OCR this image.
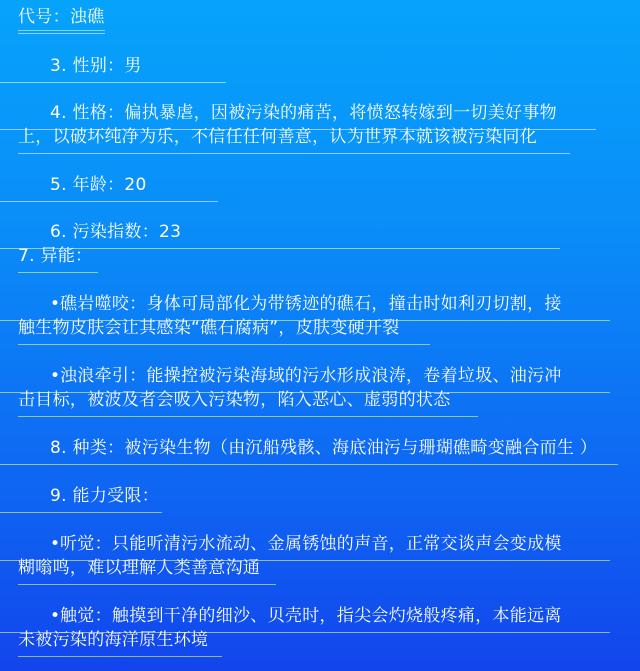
代号：浊礁
3. 性别：男
4. 性格：偏执暴虐，因被污染的痛苦，将愤怒转嫁到一切美好事物
上，以破坏纯净为乐，不信任任何善意，认为世界本就该被污染同化
5. 年龄：20
6. 污染指数：23
7. 异能：
•礁岩噬咬：身体可局部化为带锈迹的礁石，撞击时如利刃切割，接
触生物皮肤会让其感染“礁石腐病”，皮肤变硬开裂
•浊浪牵引：能操控被污染海域的污水形成浪涛，卷着垃圾、油污冲
击目标，被波及者会吸入污染物，陷入恶心、虚弱的状态
8. 种类：被污染生物（由沉船残骸、海底油污与珊瑚礁畸变融合而生 ）
9. 能力受限：
•听觉：只能听清污水流动、金属锈蚀的声音，正常交谈声会变成模
糊嗡鸣，难以理解人类善意沟通
•触觉：触摸到干净的细沙、贝壳时，指尖会灼烧般疼痛，本能远离
未被污染的海洋原生环境
